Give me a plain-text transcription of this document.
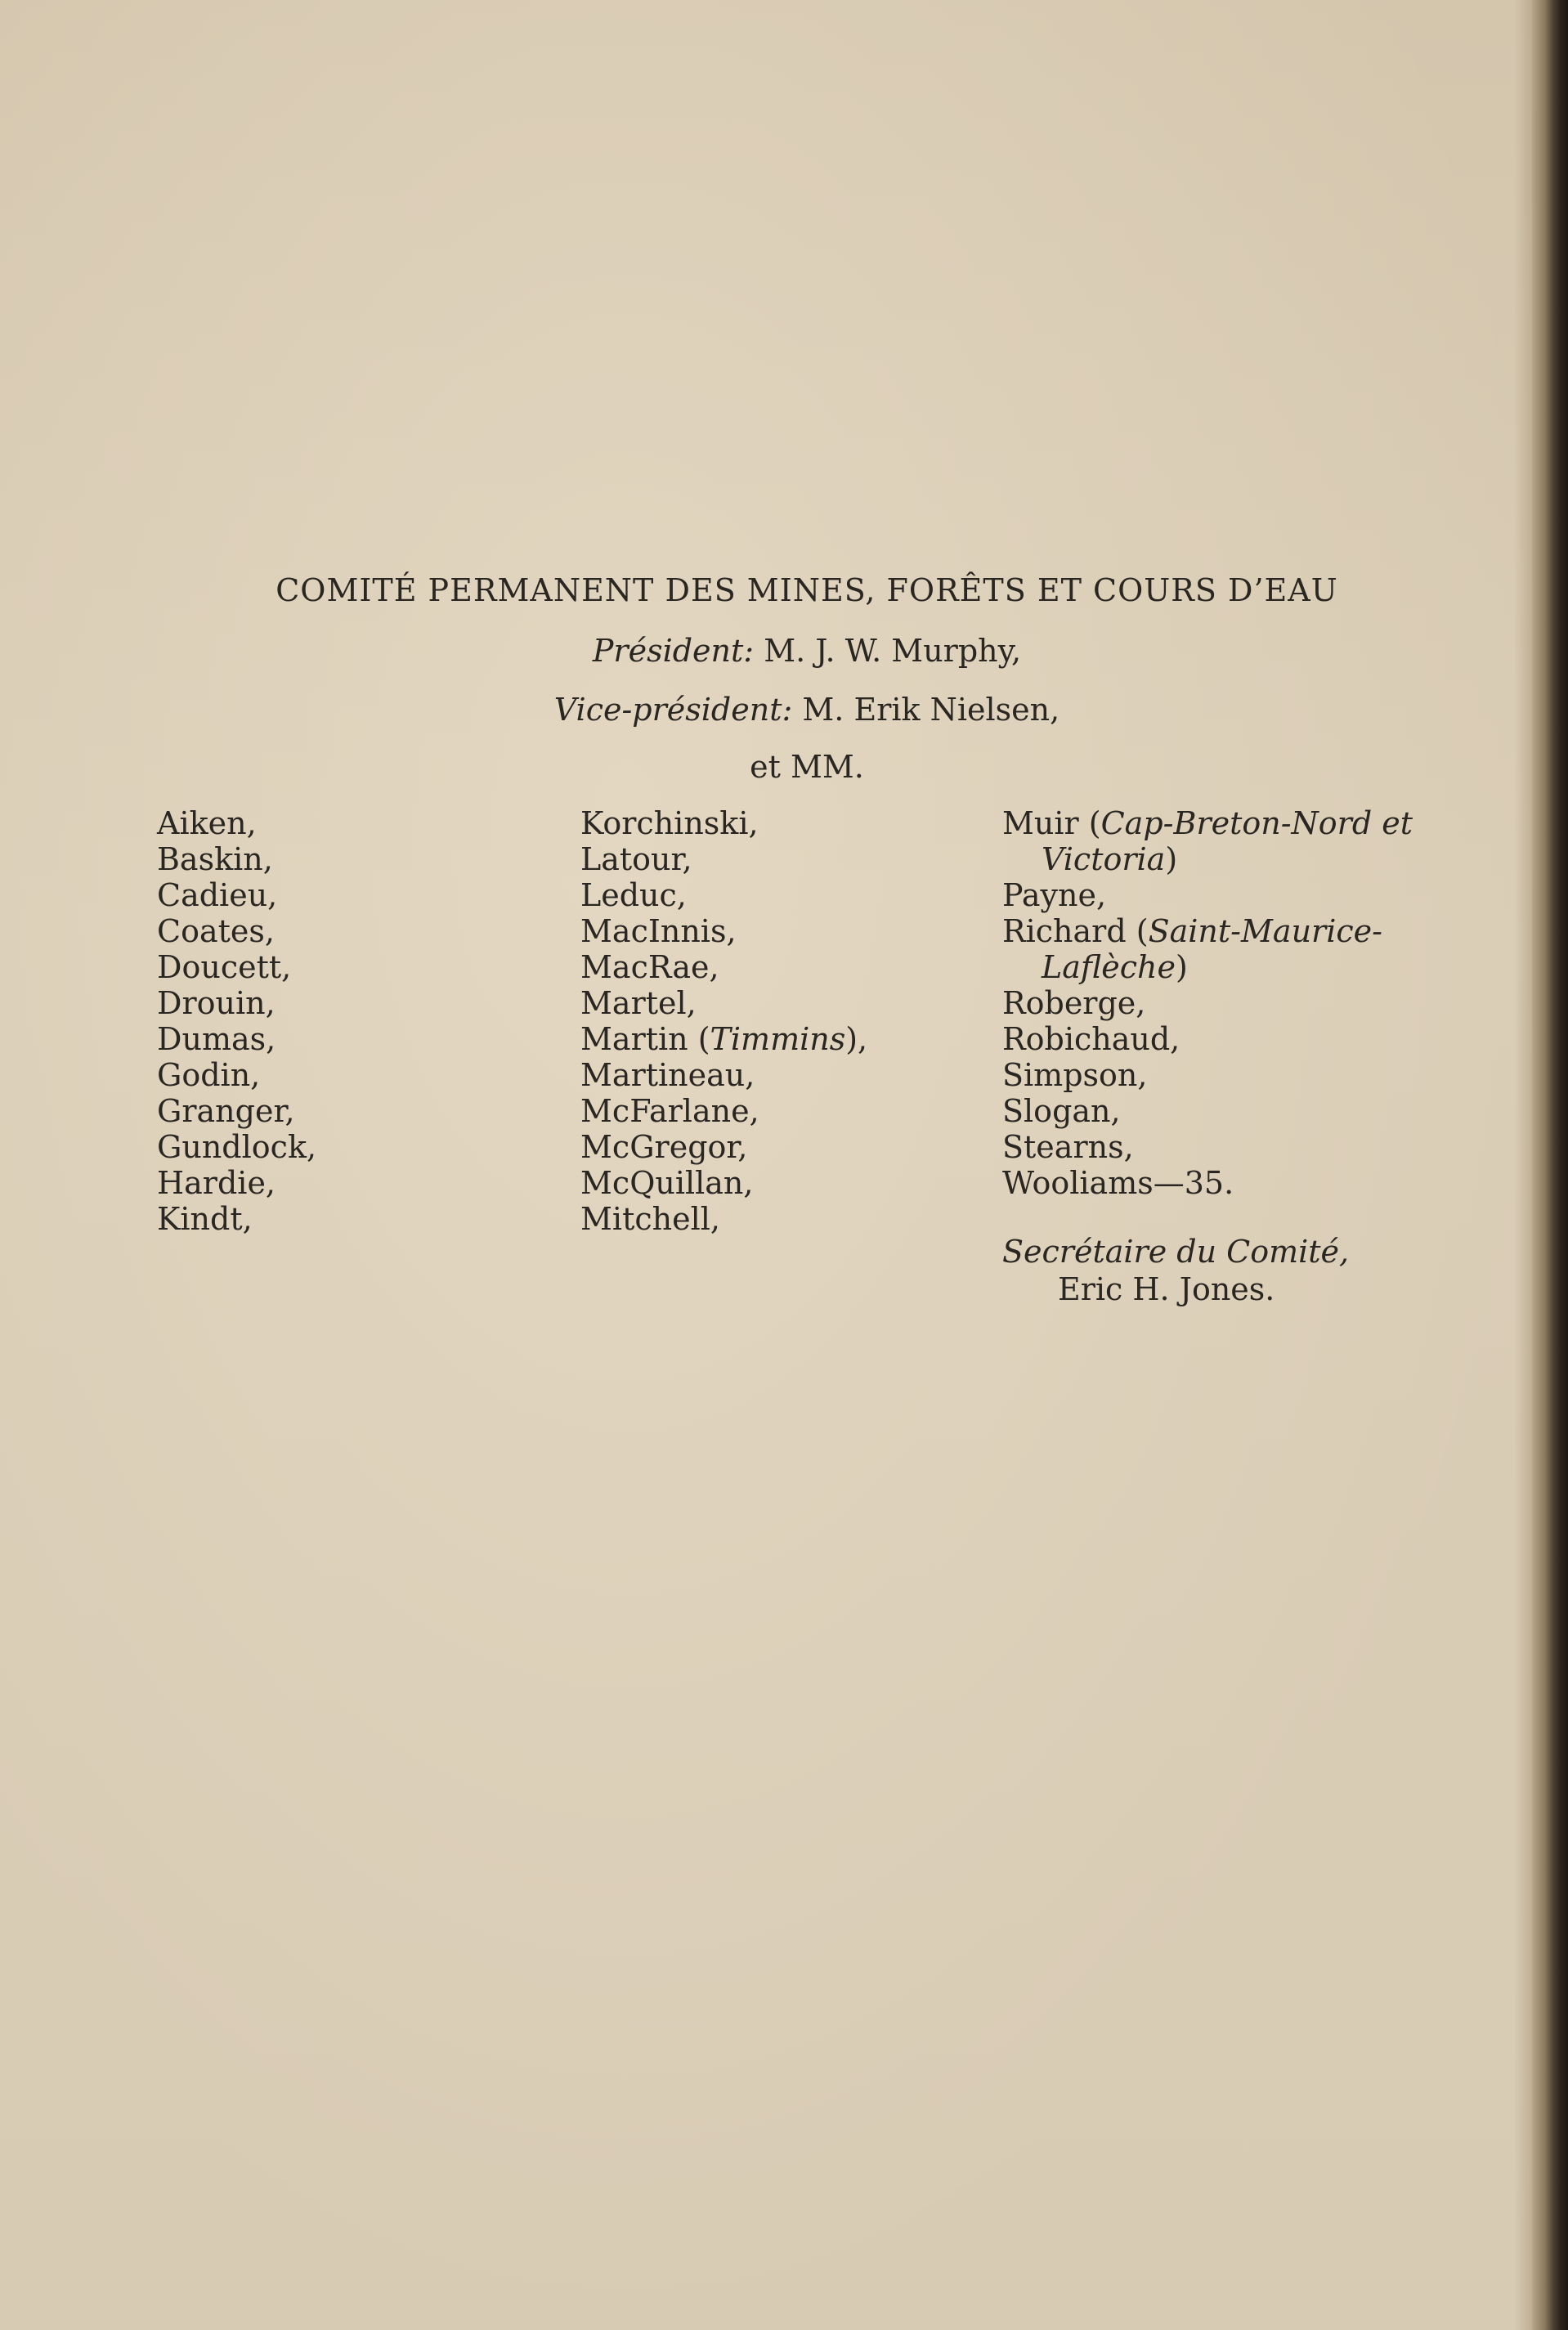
COMITÉ PERMANENT DES MINES, FORÊTS ET COURS D’EAU
Président: M. J. W. Murphy,
Vice-président: M. Erik Nielsen,
et MM.
Aiken,
Baskin,
Cadieu,
Coates,
Doucett,
Drouin,
Dumas,
Godin,
Granger,
Gundlock,
Hardie,
Kindt,
Korchinski,
Latour,
Leduc,
MacInnis,
MacRae,
Martel,
Martin (Timmins),
Martineau,
McFarlane,
McGregor,
McQuillan,
Mitchell,
Muir (Cap-Breton-Nord et
Victoria)
Payne,
Richard (Saint-Maurice-
Laflèche)
Roberge,
Robichaud,
Simpson,
Slogan,
Stearns,
Wooliams—35.
Secrétaire du Comité,
Eric H. Jones.
